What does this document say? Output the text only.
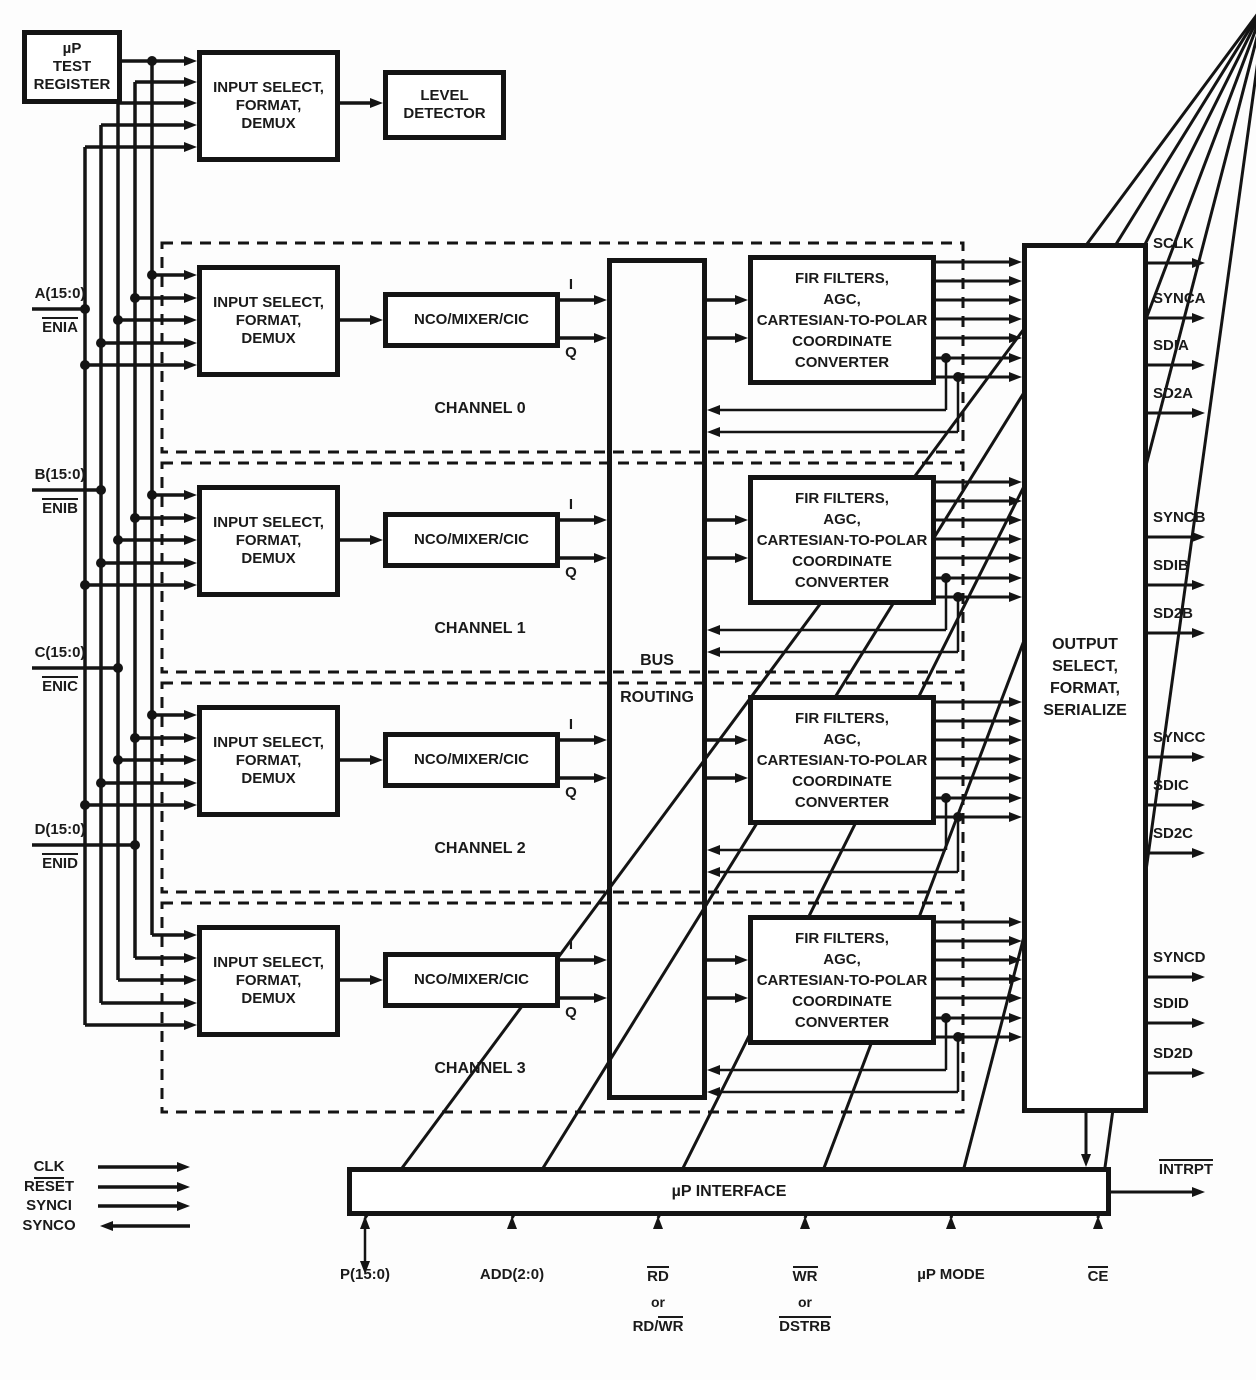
µP
TEST
REGISTER	INPUT SELECT,
FORMAT,
DEMUX
LEVEL
DETECTOR
BUS
ROUTING
OUTPUT
SELECT,
FORMAT,
SERIALIZE
µP INTERFACE
INTRPT
INPUT SELECT,
FORMAT,
DEMUX
NCO/MIXER/CIC
FIR FILTERS,
AGC,
CARTESIAN-TO-POLAR
COORDINATE
CONVERTER
I
Q
CHANNEL 0
INPUT SELECT,
FORMAT,
DEMUX
NCO/MIXER/CIC
FIR FILTERS,
AGC,
CARTESIAN-TO-POLAR
COORDINATE
CONVERTER
I
Q
CHANNEL 1
INPUT SELECT,
FORMAT,
DEMUX
NCO/MIXER/CIC
FIR FILTERS,
AGC,
CARTESIAN-TO-POLAR
COORDINATE
CONVERTER
I
Q
CHANNEL 2
INPUT SELECT,
FORMAT,
DEMUX
NCO/MIXER/CIC
FIR FILTERS,
AGC,
CARTESIAN-TO-POLAR
COORDINATE
CONVERTER
I
Q
CHANNEL 3
A(15:0)
ENIA
B(15:0)
ENIB
C(15:0)
ENIC
D(15:0)
ENID
SCLK
SYNCA
SDIA
SD2A
SYNCB
SDIB
SD2B
SYNCC
SDIC
SD2C
SYNCD
SDID
SD2D
CLK
RESET
SYNCI
SYNCO
P(15:0)	ADD(2:0)	RD
or
RD/WR
WR
or
DSTRB
µP MODE	CE
